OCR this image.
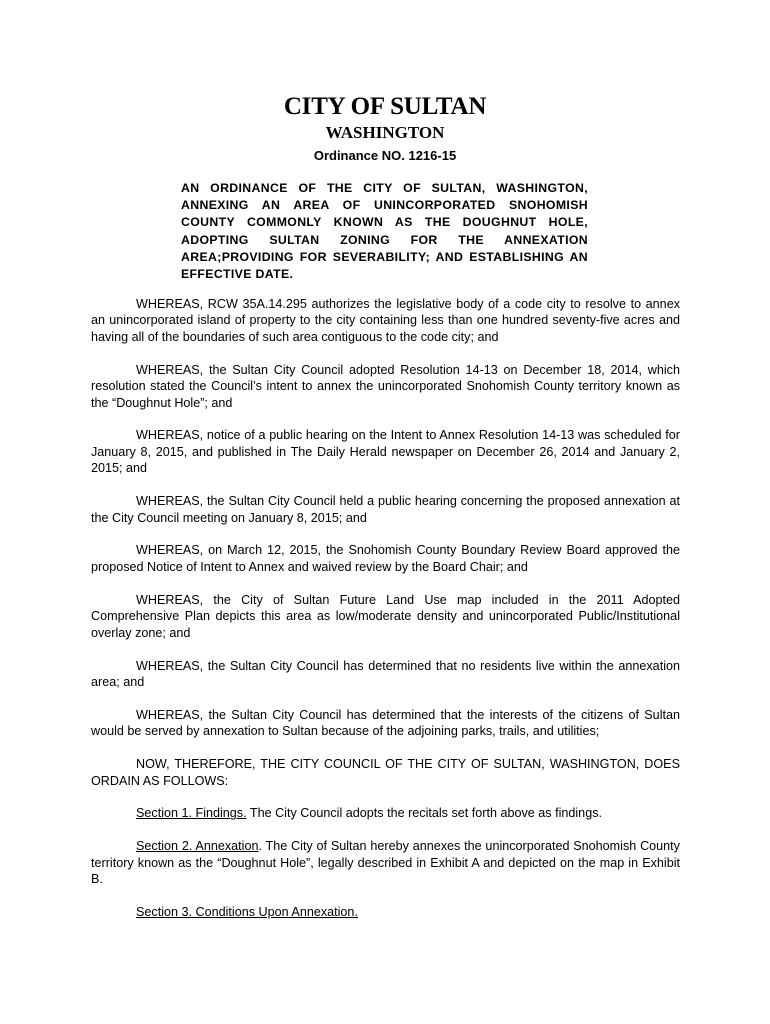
CITY OF SULTAN
WASHINGTON
Ordinance NO. 1216-15
AN ORDINANCE OF THE CITY OF SULTAN, WASHINGTON, ANNEXING AN AREA OF UNINCORPORATED SNOHOMISH COUNTY COMMONLY KNOWN AS THE DOUGHNUT HOLE, ADOPTING SULTAN ZONING FOR THE ANNEXATION AREA;PROVIDING FOR SEVERABILITY; AND ESTABLISHING AN EFFECTIVE DATE.

WHEREAS, RCW 35A.14.295 authorizes the legislative body of a code city to resolve to annex an unincorporated island of property to the city containing less than one hundred seventy-five acres and having all of the boundaries of such area contiguous to the code city; and

WHEREAS, the Sultan City Council adopted Resolution 14-13 on December 18, 2014, which resolution stated the Council’s intent to annex the unincorporated Snohomish County territory known as the “Doughnut Hole”; and

WHEREAS, notice of a public hearing on the Intent to Annex Resolution 14-13 was scheduled for January 8, 2015, and published in The Daily Herald newspaper on December 26, 2014 and January 2, 2015; and

WHEREAS, the Sultan City Council held a public hearing concerning the proposed annexation at the City Council meeting on January 8, 2015; and

WHEREAS, on March 12, 2015, the Snohomish County Boundary Review Board approved the proposed Notice of Intent to Annex and waived review by the Board Chair; and

WHEREAS, the City of Sultan Future Land Use map included in the 2011 Adopted Comprehensive Plan depicts this area as low/moderate density and unincorporated Public/Institutional overlay zone; and

WHEREAS, the Sultan City Council has determined that no residents live within the annexation area; and

WHEREAS, the Sultan City Council has determined that the interests of the citizens of Sultan would be served by annexation to Sultan because of the adjoining parks, trails, and utilities;

NOW, THEREFORE, THE CITY COUNCIL OF THE CITY OF SULTAN, WASHINGTON, DOES ORDAIN AS FOLLOWS:

Section 1. Findings. The City Council adopts the recitals set forth above as findings.

Section 2. Annexation. The City of Sultan hereby annexes the unincorporated Snohomish County territory known as the “Doughnut Hole”, legally described in Exhibit A and depicted on the map in Exhibit B.

Section 3. Conditions Upon Annexation.
